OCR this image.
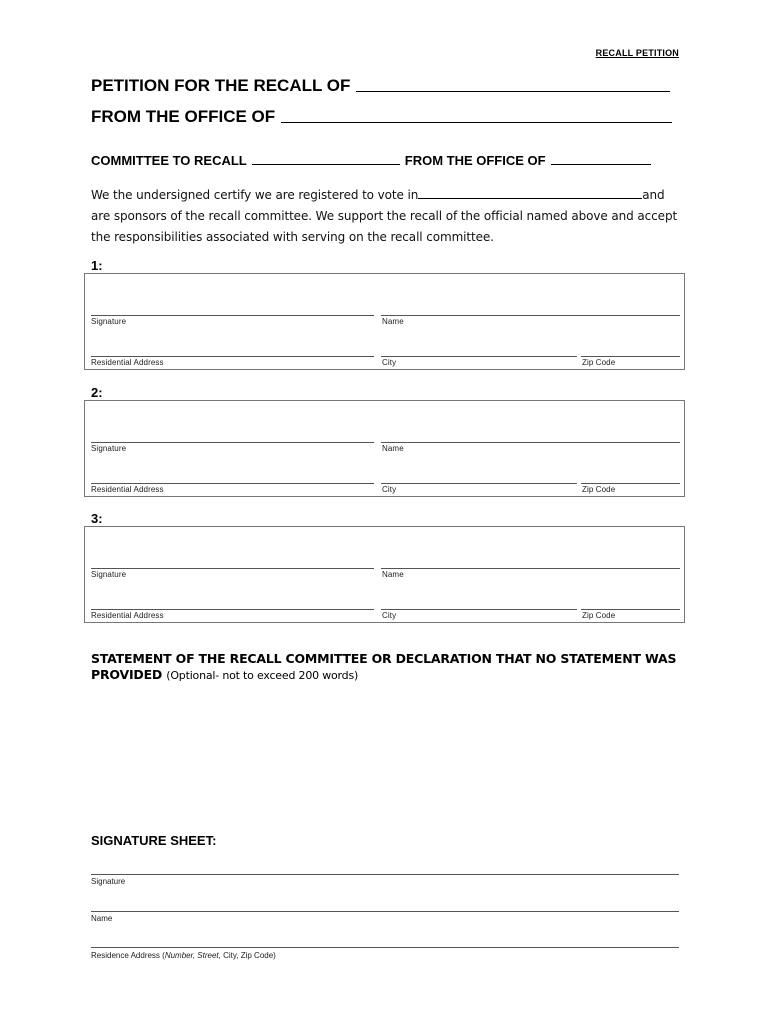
RECALL PETITION
PETITION FOR THE RECALL OF
FROM THE OFFICE OF
COMMITTEE TO RECALL	FROM THE OFFICE OF
We the undersigned certify we are registered to vote in	and are sponsors of the recall committee. We support the recall of the official named above and accept the responsibilities associated with serving on the recall committee.
1:
Signature	Name
Residential Address	City	Zip Code
2:
Signature	Name
Residential Address	City	Zip Code
3:
Signature	Name
Residential Address	City	Zip Code
STATEMENT OF THE RECALL COMMITTEE OR DECLARATION THAT NO STATEMENT WAS PROVIDED (Optional- not to exceed 200 words)
SIGNATURE SHEET:
Signature
Name
Residence Address (Number, Street, City, Zip Code)
